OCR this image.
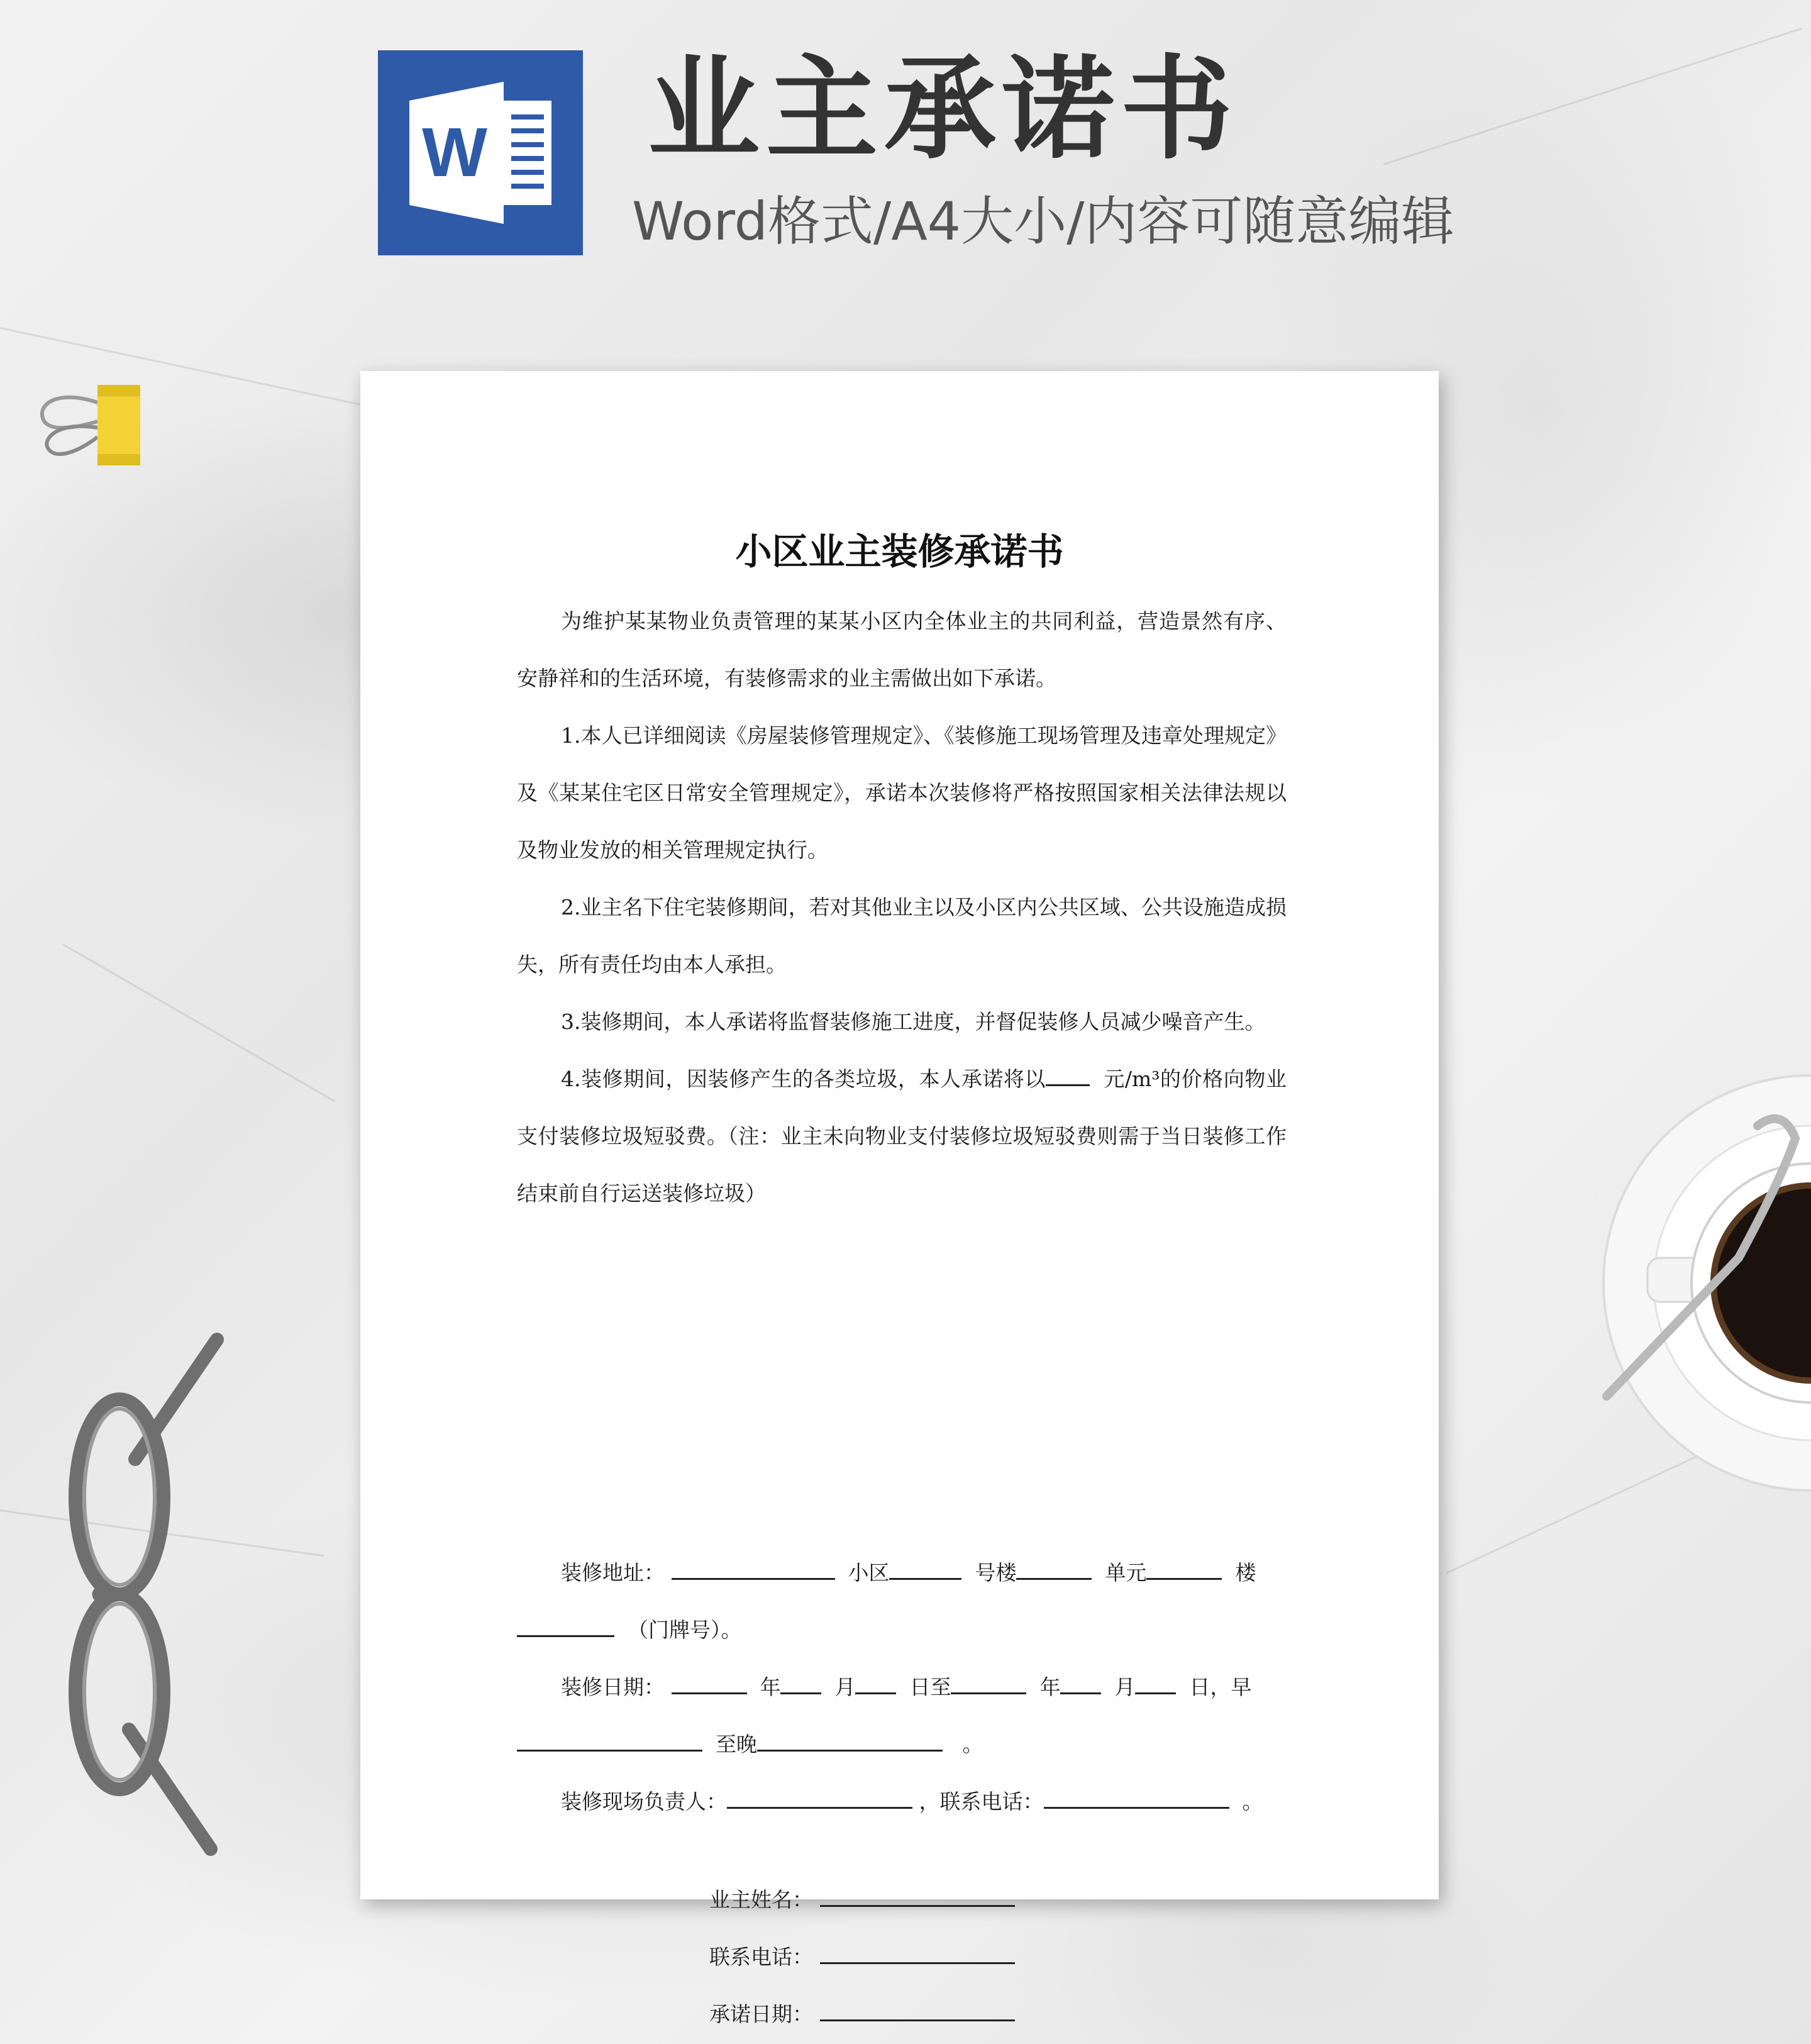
W 业主承诺书
Word格式/A4大小/内容可随意编辑
小区业主装修承诺书

为维护某某物业负责管理的某某小区内全体业主的共同利益，营造景然有序、安静祥和的生活环境，有装修需求的业主需做出如下承诺。

1.本人已详细阅读《房屋装修管理规定》、《装修施工现场管理及违章处理规定》及《某某住宅区日常安全管理规定》，承诺本次装修将严格按照国家相关法律法规以及物业发放的相关管理规定执行。

2.业主名下住宅装修期间，若对其他业主以及小区内公共区域、公共设施造成损失，所有责任均由本人承担。

3.装修期间，本人承诺将监督装修施工进度，并督促装修人员减少噪音产生。

4.装修期间，因装修产生的各类垃圾，本人承诺将以	元/m³的价格向物业支付装修垃圾短驳费。（注：业主未向物业支付装修垃圾短驳费则需于当日装修工作结束前自行运送装修垃圾）

装修地址：	小区	号楼	单元	楼
（门牌号）。
装修日期：	年	月	日至	年	月	日，早
至晚	。
装修现场负责人：	，联系电话：	。
业主姓名：
联系电话：
承诺日期：
